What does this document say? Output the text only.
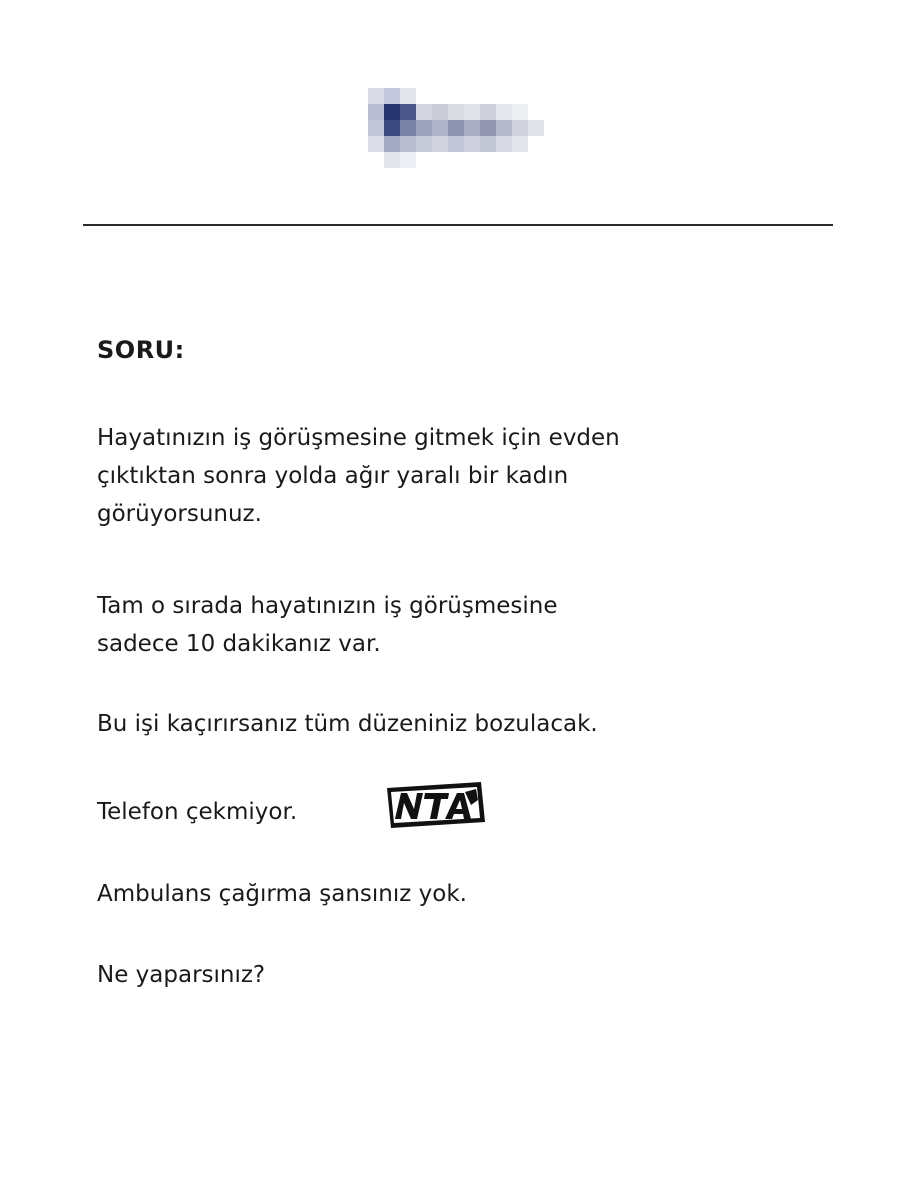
SORU:
Hayatınızın iş görüşmesine gitmek için evden
çıktıktan sonra yolda ağır yaralı bir kadın
görüyorsunuz.
Tam o sırada hayatınızın iş görüşmesine
sadece 10 dakikanız var.
Bu işi kaçırırsanız tüm düzeniniz bozulacak.
Telefon çekmiyor.
Ambulans çağırma şansınız yok.
Ne yaparsınız?
